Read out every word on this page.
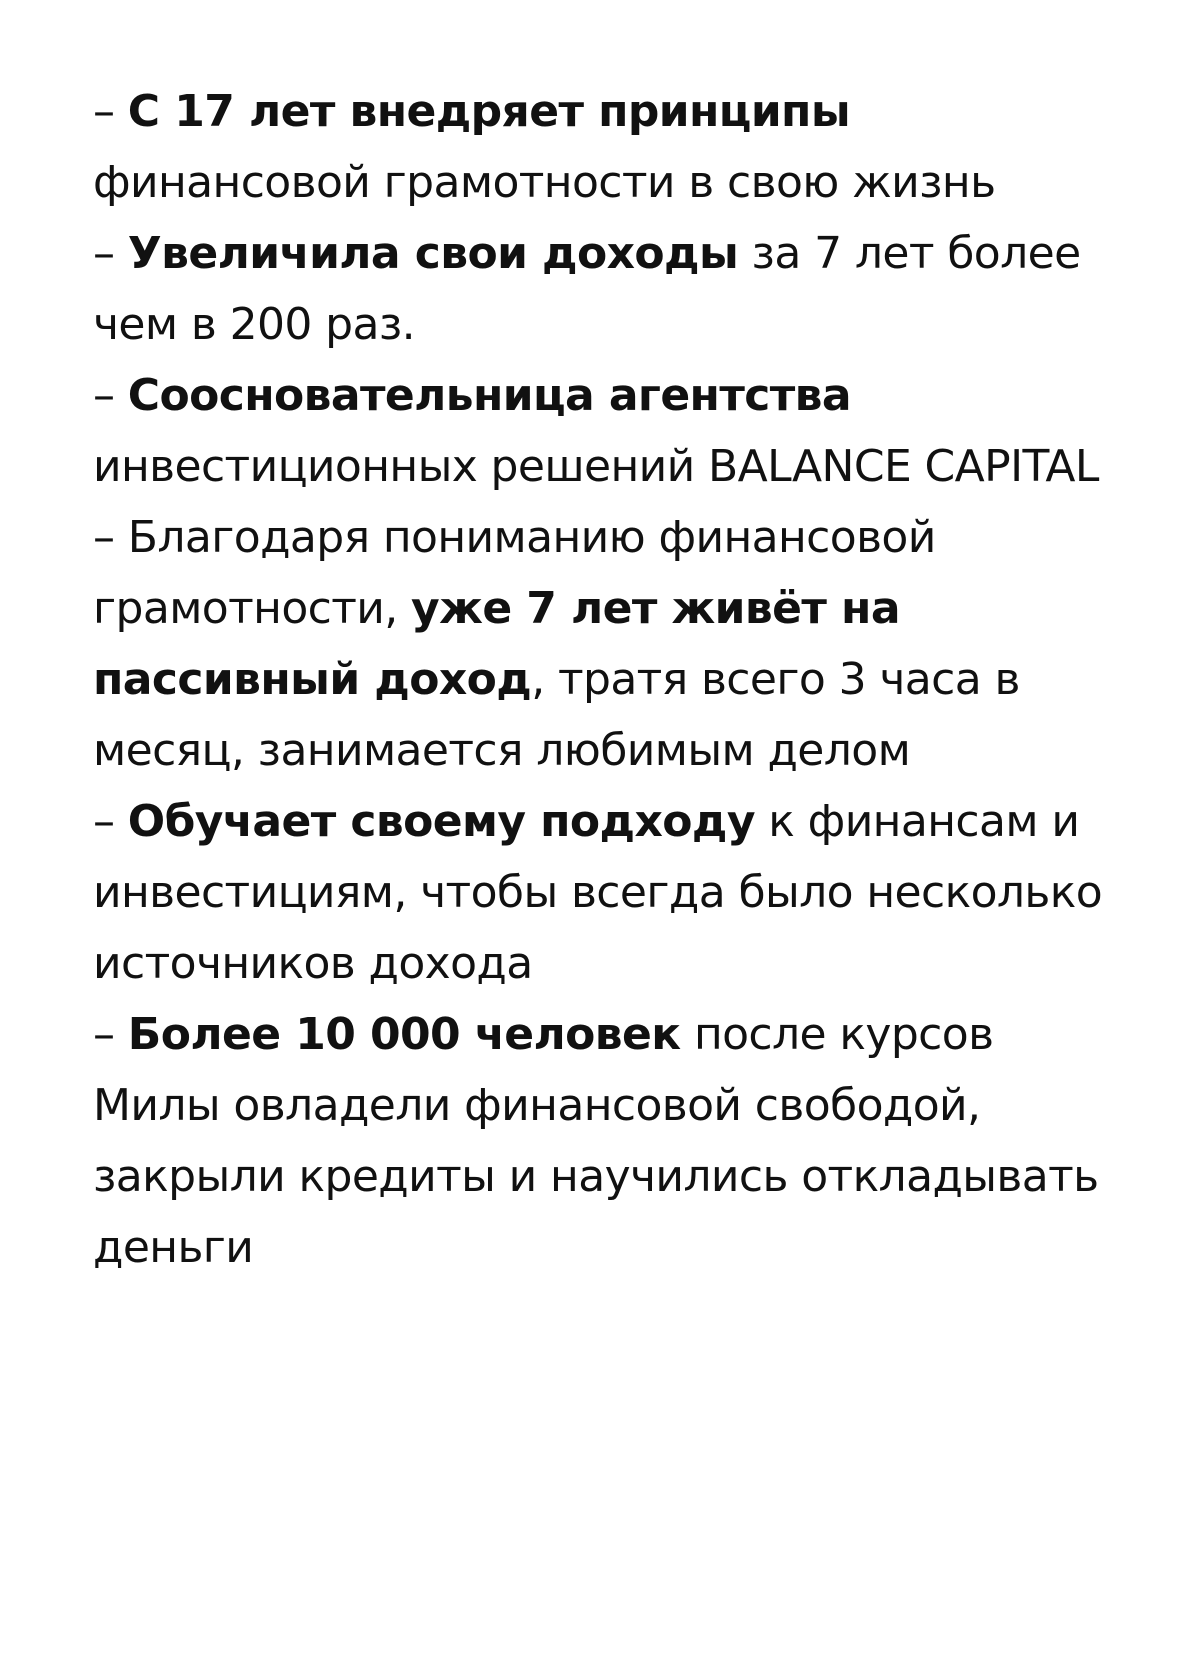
– С 17 лет внедряет принципы финансовой грамотности в свою жизнь

– Увеличила свои доходы за 7 лет более чем в 200 раз.

– Соосновательница агентства инвестиционных решений BALANCE CAPITAL

– Благодаря пониманию финансовой грамотности, уже 7 лет живёт на пассивный доход, тратя всего 3 часа в месяц, занимается любимым делом

– Обучает своему подходу к финансам и инвестициям, чтобы всегда было несколько источников дохода

– Более 10 000 человек после курсов Милы овладели финансовой свободой, закрыли кредиты и научились откладывать деньги
